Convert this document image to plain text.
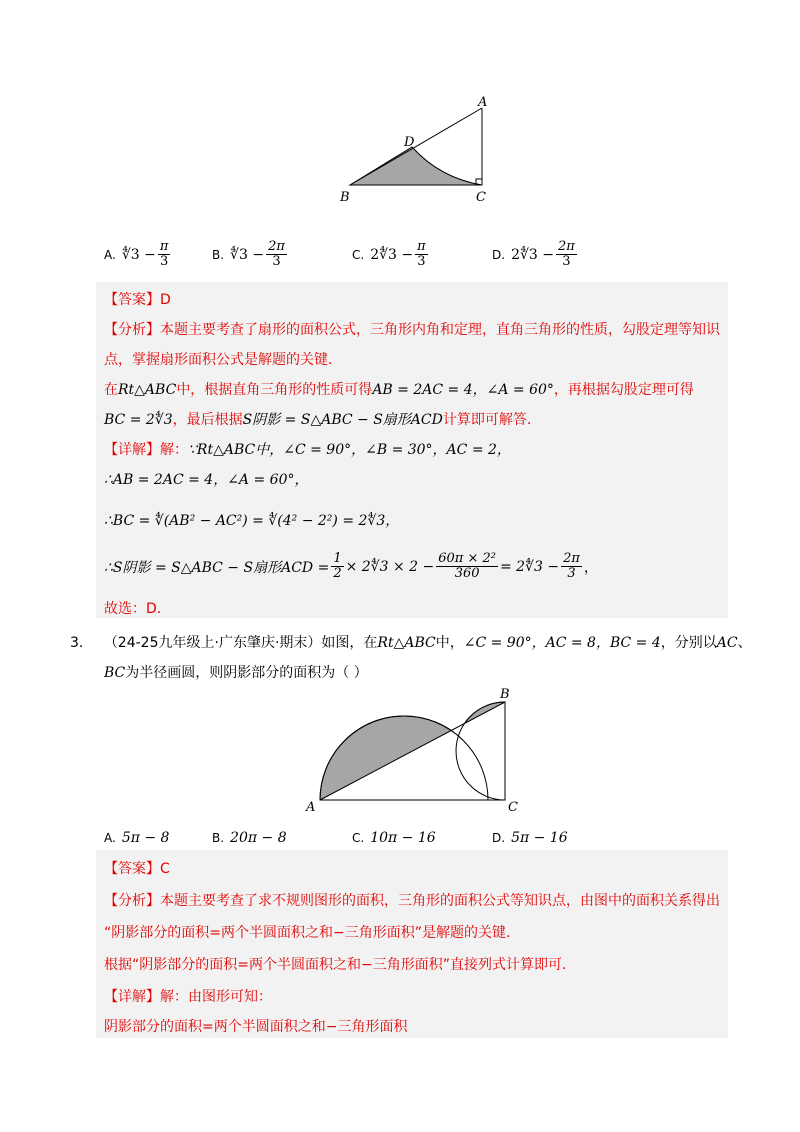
A
B	C
D
A. ∜3 − $\frac{\pi}{3}$	B. ∜3 − $\frac{2\pi}{3}$	C. 2∜3 − $\frac{\pi}{3}$	D. 2∜3 − $\frac{2\pi}{3}$
【答案】D
【分析】本题主要考查了扇形的面积公式，三角形内角和定理，直角三角形的性质，勾股定理等知识
点，掌握扇形面积公式是解题的关键.
在Rt△ABC中，根据直角三角形的性质可得AB = 2AC = 4，∠A = 60°，再根据勾股定理可得
BC = 2∜3，最后根据S阴影 = S△ABC − S扇形ACD计算即可解答.
【详解】解：∵Rt△ABC中，∠C = 90°，∠B = 30°，AC = 2，
∴AB = 2AC = 4，∠A = 60°，
∴BC = ∜(AB² − AC²) = ∜(4² − 2²) = 2∜3，
∴S阴影 = S△ABC − S扇形ACD = $\frac{1}{2}$ × 2∜3 × $2 - \frac{\text{60π × 2²}}{360}$ = 2∜3 − $\frac{2\pi}{3}$ ，
故选：D.
3. （24-25九年级上·广东肇庆·期末）如图，在Rt△ABC中，∠C = 90°，AC = 8，BC = 4，分别以AC、
BC为半径画圆，则阴影部分的面积为（ ）
A
B
C
A. 5π − 8	B. 20π − 8	C. 10π − 16	D. 5π − 16
【答案】C
【分析】本题主要考查了求不规则图形的面积，三角形的面积公式等知识点，由图中的面积关系得出
“阴影部分的面积=两个半圆面积之和−三角形面积”是解题的关键.
根据“阴影部分的面积=两个半圆面积之和−三角形面积”直接列式计算即可.
【详解】解：由图形可知：
阴影部分的面积=两个半圆面积之和−三角形面积
